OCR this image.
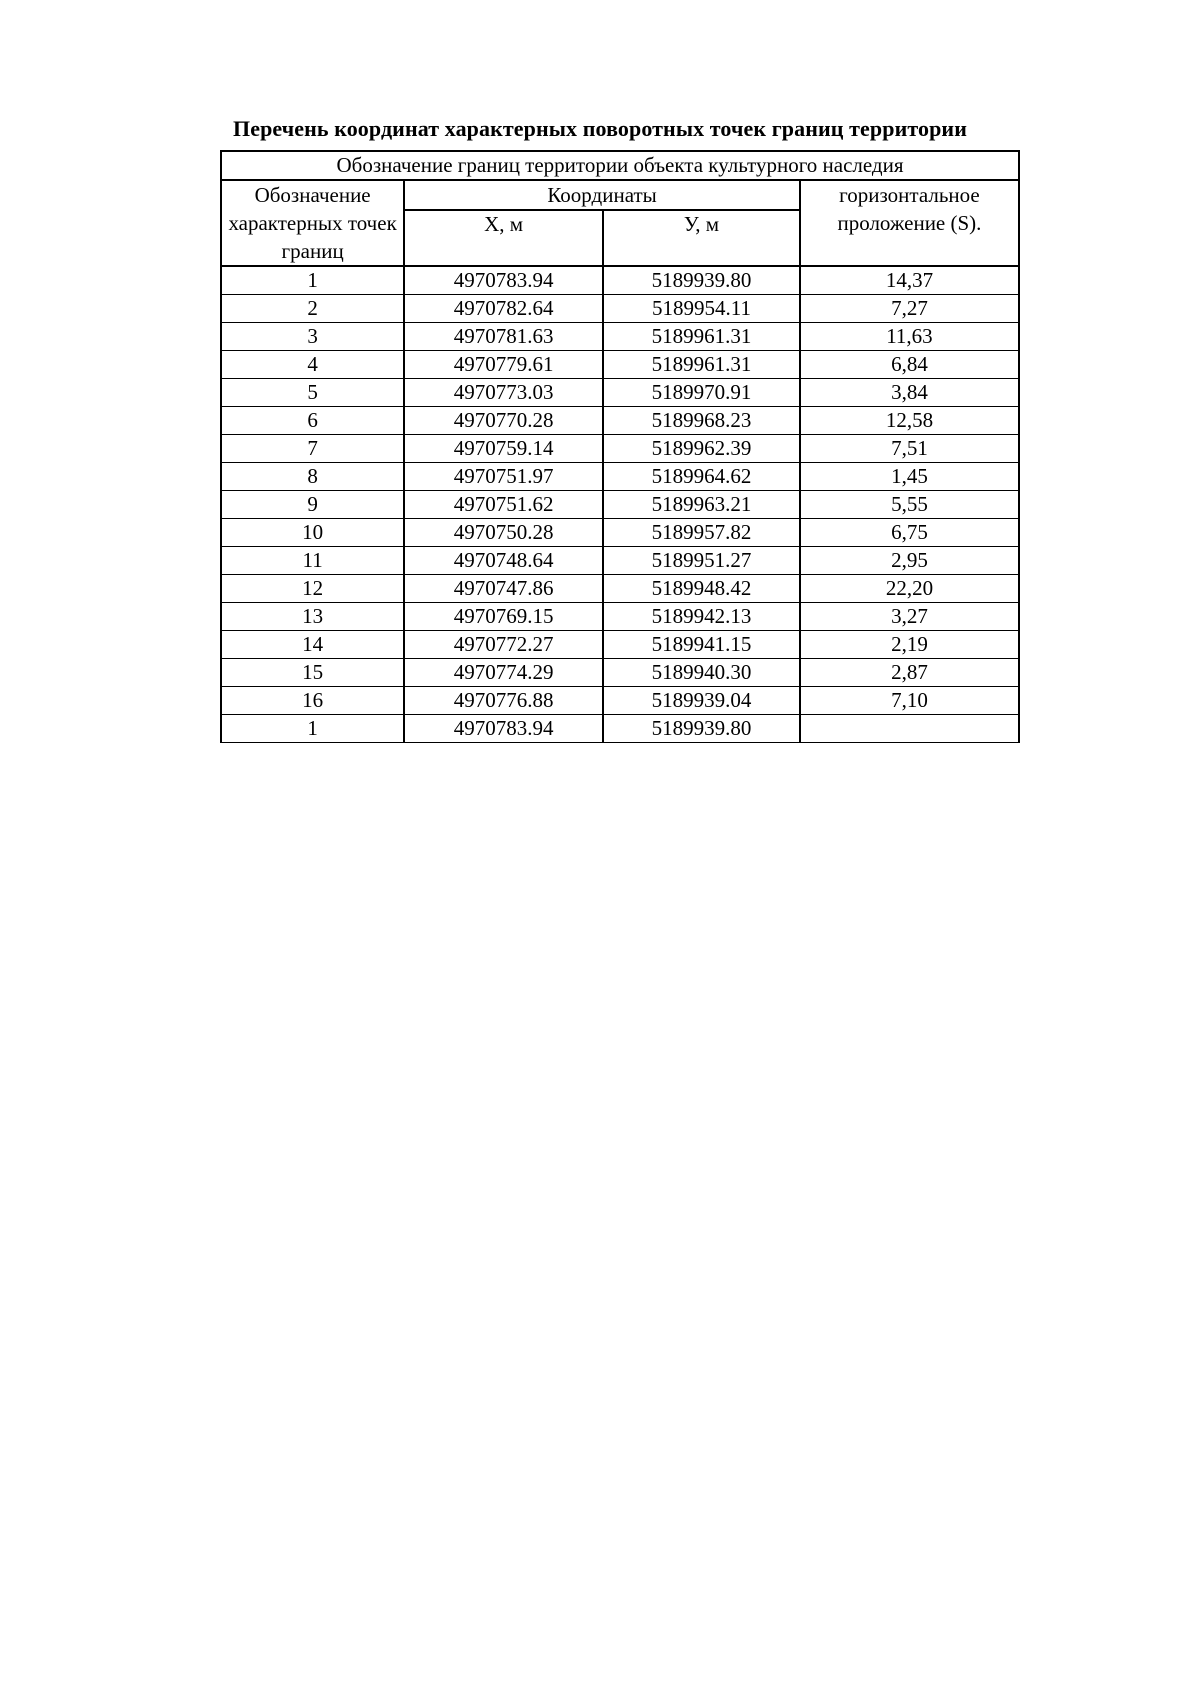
Перечень координат характерных поворотных точек границ территории
Обозначение границ территории объекта культурного наследия			
Обозначение характерных точек границ	Координаты		горизонтальное проложение (S).
	Х, м	У, м	
1	4970783.94	5189939.80	14,37
2	4970782.64	5189954.11	7,27
3	4970781.63	5189961.31	11,63
4	4970779.61	5189961.31	6,84
5	4970773.03	5189970.91	3,84
6	4970770.28	5189968.23	12,58
7	4970759.14	5189962.39	7,51
8	4970751.97	5189964.62	1,45
9	4970751.62	5189963.21	5,55
10	4970750.28	5189957.82	6,75
11	4970748.64	5189951.27	2,95
12	4970747.86	5189948.42	22,20
13	4970769.15	5189942.13	3,27
14	4970772.27	5189941.15	2,19
15	4970774.29	5189940.30	2,87
16	4970776.88	5189939.04	7,10
1	4970783.94	5189939.80	
